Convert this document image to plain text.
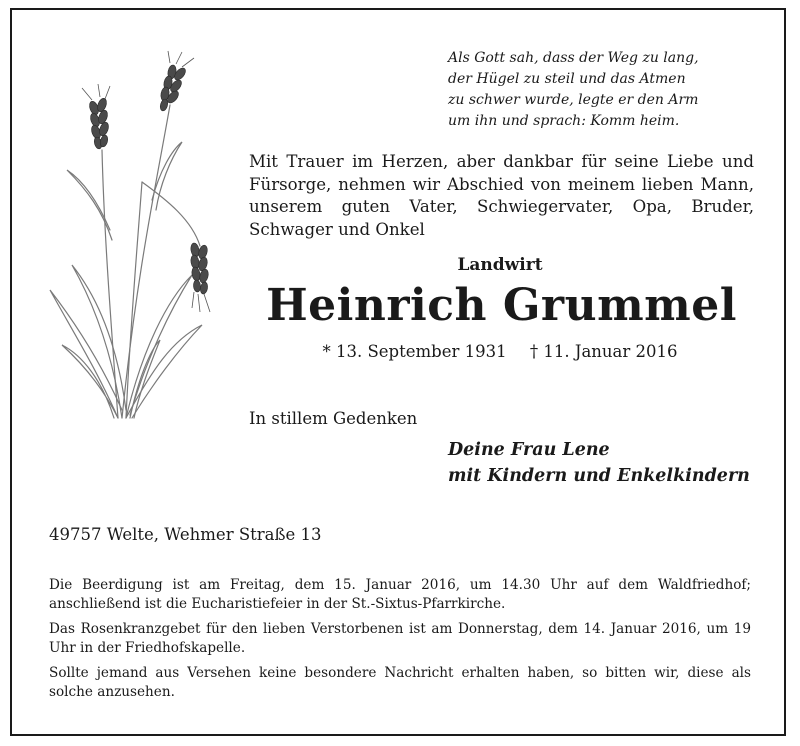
Als Gott sah, dass der Weg zu lang,
der Hügel zu steil und das Atmen
zu schwer wurde, legte er den Arm
um ihn und sprach: Komm heim.
Mit Trauer im Herzen, aber dankbar für seine Liebe und Fürsorge, nehmen wir Abschied von meinem lieben Mann, unserem guten Vater, Schwiegervater, Opa, Bruder, Schwager und Onkel
Landwirt
Heinrich Grummel
* 13. September 1931 † 11. Januar 2016
In stillem Gedenken
Deine Frau Lene
mit Kindern und Enkelkindern
49757 Welte, Wehmer Straße 13

Die Beerdigung ist am Freitag, dem 15. Januar 2016, um 14.30 Uhr auf dem Waldfriedhof; anschließend ist die Eucharistiefeier in der St.-Sixtus-Pfarrkirche.

Das Rosenkranzgebet für den lieben Verstorbenen ist am Donnerstag, dem 14. Januar 2016, um 19 Uhr in der Friedhofskapelle.

Sollte jemand aus Versehen keine besondere Nachricht erhalten haben, so bitten wir, diese als solche anzusehen.
